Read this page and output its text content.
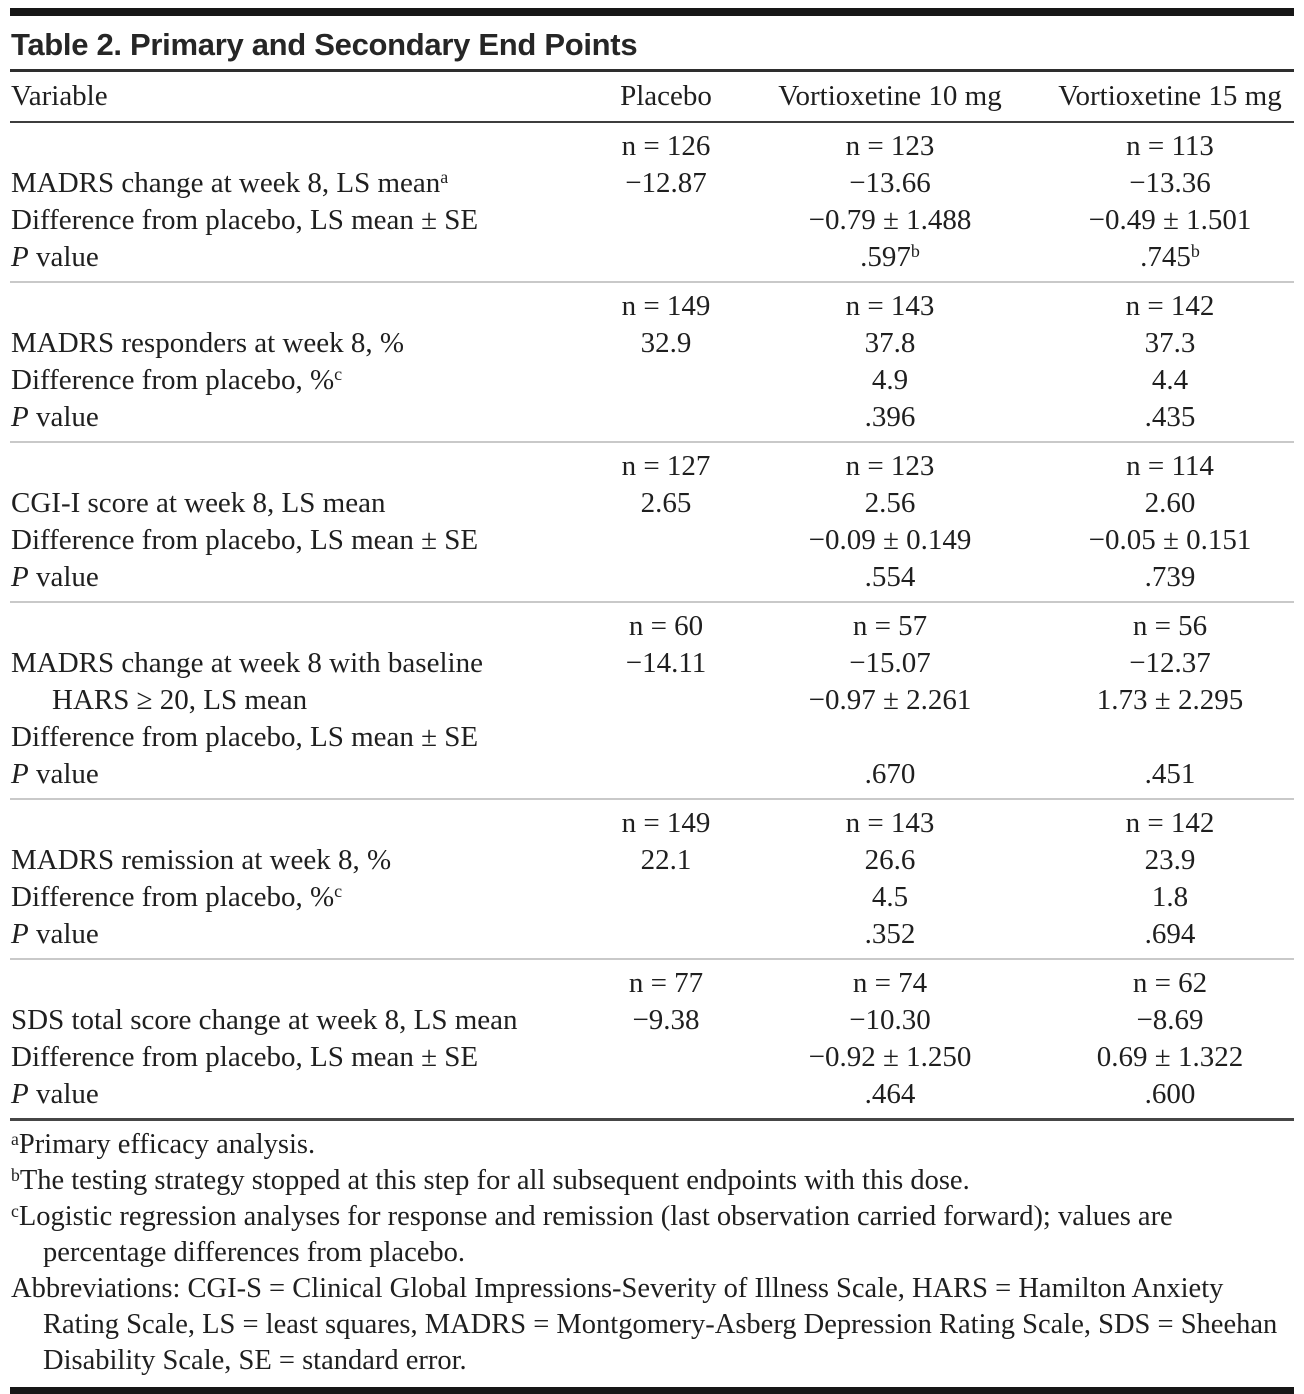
Table 2. Primary and Secondary End Points
Variable	Placebo	Vortioxetine 10 mg	Vortioxetine 15 mg
	n = 126	n = 123	n = 113
MADRS change at week 8, LS mean$^a$	−12.87	−13.66	−13.36
Difference from placebo, LS mean ± SE		−0.79 ± 1.488	−0.49 ± 1.501
P value		.597$^b$	.745$^b$
	n = 149	n = 143	n = 142
MADRS responders at week 8, %	32.9	37.8	37.3
Difference from placebo, %$^c$		4.9	4.4
P value		.396	.435
	n = 127	n = 123	n = 114
CGI-I score at week 8, LS mean	2.65	2.56	2.60
Difference from placebo, LS mean ± SE		−0.09 ± 0.149	−0.05 ± 0.151
P value		.554	.739
	n = 60	n = 57	n = 56
MADRS change at week 8 with baseline	−14.11	−15.07	−12.37
HARS ≥ 20, LS mean		−0.97 ± 2.261	1.73 ± 2.295
Difference from placebo, LS mean ± SE			
P value		.670	.451
	n = 149	n = 143	n = 142
MADRS remission at week 8, %	22.1	26.6	23.9
Difference from placebo, %$^c$		4.5	1.8
P value		.352	.694
	n = 77	n = 74	n = 62
SDS total score change at week 8, LS mean	−9.38	−10.30	−8.69
Difference from placebo, LS mean ± SE		−0.92 ± 1.250	0.69 ± 1.322
P value		.464	.600

$^a$Primary efficacy analysis.

$^b$The testing strategy stopped at this step for all subsequent endpoints with this dose.

$^c$Logistic regression analyses for response and remission (last observation carried forward); values are percentage differences from placebo.

Abbreviations: CGI-S = Clinical Global Impressions-Severity of Illness Scale, HARS = Hamilton Anxiety Rating Scale, LS = least squares, MADRS = Montgomery-Asberg Depression Rating Scale, SDS = Sheehan Disability Scale, SE = standard error.
